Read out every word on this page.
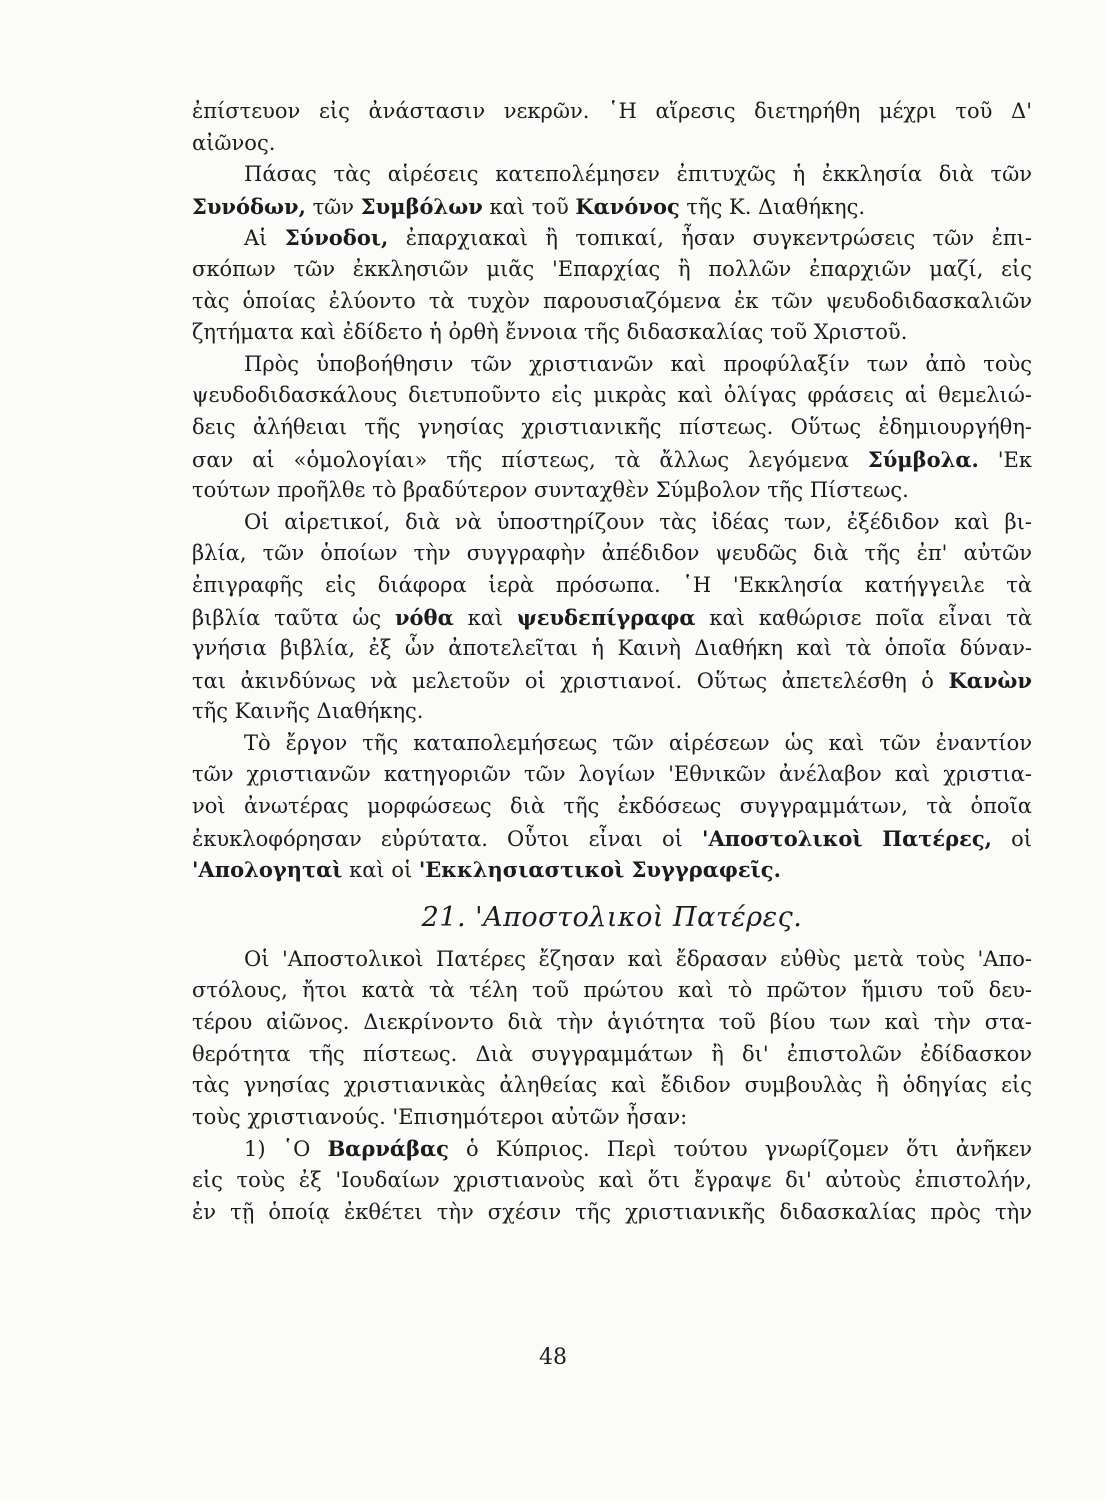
ἐπίστευον εἰς ἀνάστασιν νεκρῶν. ῾Η αἵρεσις διετηρήθη μέχρι τοῦ Δ'
αἰῶνος.
Πάσας τὰς αἱρέσεις κατεπολέμησεν ἐπιτυχῶς ἡ ἐκκλησία διὰ τῶν
Συνόδων, τῶν Συμβόλων καὶ τοῦ Κανόνος τῆς Κ. Διαθήκης.
Αἱ Σύνοδοι, ἐπαρχιακαὶ ἢ τοπικαί, ἦσαν συγκεντρώσεις τῶν ἐπι-
σκόπων τῶν ἐκκλησιῶν μιᾶς 'Επαρχίας ἢ πολλῶν ἐπαρχιῶν μαζί, εἰς
τὰς ὁποίας ἐλύοντο τὰ τυχὸν παρουσιαζόμενα ἐκ τῶν ψευδοδιδασκαλιῶν
ζητήματα καὶ ἐδίδετο ἡ ὀρθὴ ἔννοια τῆς διδασκαλίας τοῦ Χριστοῦ.
Πρὸς ὑποβοήθησιν τῶν χριστιανῶν καὶ προφύλαξίν των ἀπὸ τοὺς
ψευδοδιδασκάλους διετυποῦντο εἰς μικρὰς καὶ ὀλίγας φράσεις αἱ θεμελιώ-
δεις ἀλήθειαι τῆς γνησίας χριστιανικῆς πίστεως. Οὕτως ἐδημιουργήθη-
σαν αἱ «ὁμολογίαι» τῆς πίστεως, τὰ ἄλλως λεγόμενα Σύμβολα. 'Εκ
τούτων προῆλθε τὸ βραδύτερον συνταχθὲν Σύμβολον τῆς Πίστεως.
Οἱ αἱρετικοί, διὰ νὰ ὑποστηρίζουν τὰς ἰδέας των, ἐξέδιδον καὶ βι-
βλία, τῶν ὁποίων τὴν συγγραφὴν ἀπέδιδον ψευδῶς διὰ τῆς ἐπ' αὐτῶν
ἐπιγραφῆς εἰς διάφορα ἱερὰ πρόσωπα. ῾Η 'Εκκλησία κατήγγειλε τὰ
βιβλία ταῦτα ὡς νόθα καὶ ψευδεπίγραφα καὶ καθώρισε ποῖα εἶναι τὰ
γνήσια βιβλία, ἐξ ὧν ἀποτελεῖται ἡ Καινὴ Διαθήκη καὶ τὰ ὁποῖα δύναν-
ται ἀκινδύνως νὰ μελετοῦν οἱ χριστιανοί. Οὕτως ἀπετελέσθη ὁ Κανὼν
τῆς Καινῆς Διαθήκης.
Τὸ ἔργον τῆς καταπολεμήσεως τῶν αἱρέσεων ὡς καὶ τῶν ἐναντίον
τῶν χριστιανῶν κατηγοριῶν τῶν λογίων 'Εθνικῶν ἀνέλαβον καὶ χριστια-
νοὶ ἀνωτέρας μορφώσεως διὰ τῆς ἐκδόσεως συγγραμμάτων, τὰ ὁποῖα
ἐκυκλοφόρησαν εὐρύτατα. Οὗτοι εἶναι οἱ 'Αποστολικοὶ Πατέρες, οἱ
'Απολογηταὶ καὶ οἱ 'Εκκλησιαστικοὶ Συγγραφεῖς.
21. 'Αποστολικοὶ Πατέρες.
Οἱ 'Αποστολικοὶ Πατέρες ἔζησαν καὶ ἔδρασαν εὐθὺς μετὰ τοὺς 'Απο-
στόλους, ἤτοι κατὰ τὰ τέλη τοῦ πρώτου καὶ τὸ πρῶτον ἥμισυ τοῦ δευ-
τέρου αἰῶνος. Διεκρίνοντο διὰ τὴν ἁγιότητα τοῦ βίου των καὶ τὴν στα-
θερότητα τῆς πίστεως. Διὰ συγγραμμάτων ἢ δι' ἐπιστολῶν ἐδίδασκον
τὰς γνησίας χριστιανικὰς ἀληθείας καὶ ἔδιδον συμβουλὰς ἢ ὁδηγίας εἰς
τοὺς χριστιανούς. 'Επισημότεροι αὐτῶν ἦσαν:
1) ῾Ο Βαρνάβας ὁ Κύπριος. Περὶ τούτου γνωρίζομεν ὅτι ἀνῆκεν
εἰς τοὺς ἐξ 'Ιουδαίων χριστιανοὺς καὶ ὅτι ἔγραψε δι' αὐτοὺς ἐπιστολήν,
ἐν τῇ ὁποίᾳ ἐκθέτει τὴν σχέσιν τῆς χριστιανικῆς διδασκαλίας πρὸς τὴν
48
